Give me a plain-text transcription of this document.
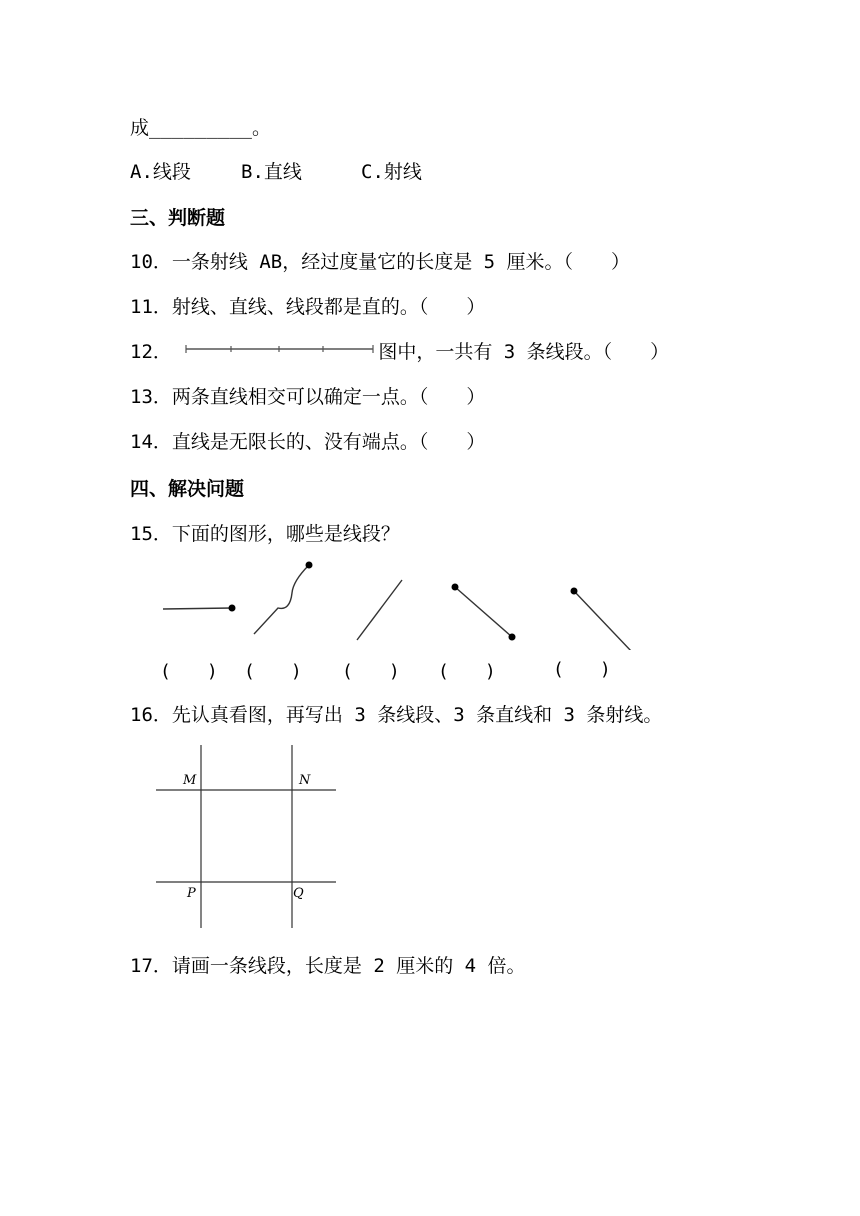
成_________。
A.线段	B.直线	C.射线
三、判断题
10．一条射线 AB，经过度量它的长度是 5 厘米。（　　）
11．射线、直线、线段都是直的。（　　）
12．	图中，一共有 3 条线段。（　　）
13．两条直线相交可以确定一点。（　　）
14．直线是无限长的、没有端点。（　　）
四、解决问题
15．下面的图形，哪些是线段？
(　　) (　　) (　　) (　　)	(　　)
16．先认真看图，再写出 3 条线段、3 条直线和 3 条射线。
M	N
P	Q
17．请画一条线段，长度是 2 厘米的 4 倍。
